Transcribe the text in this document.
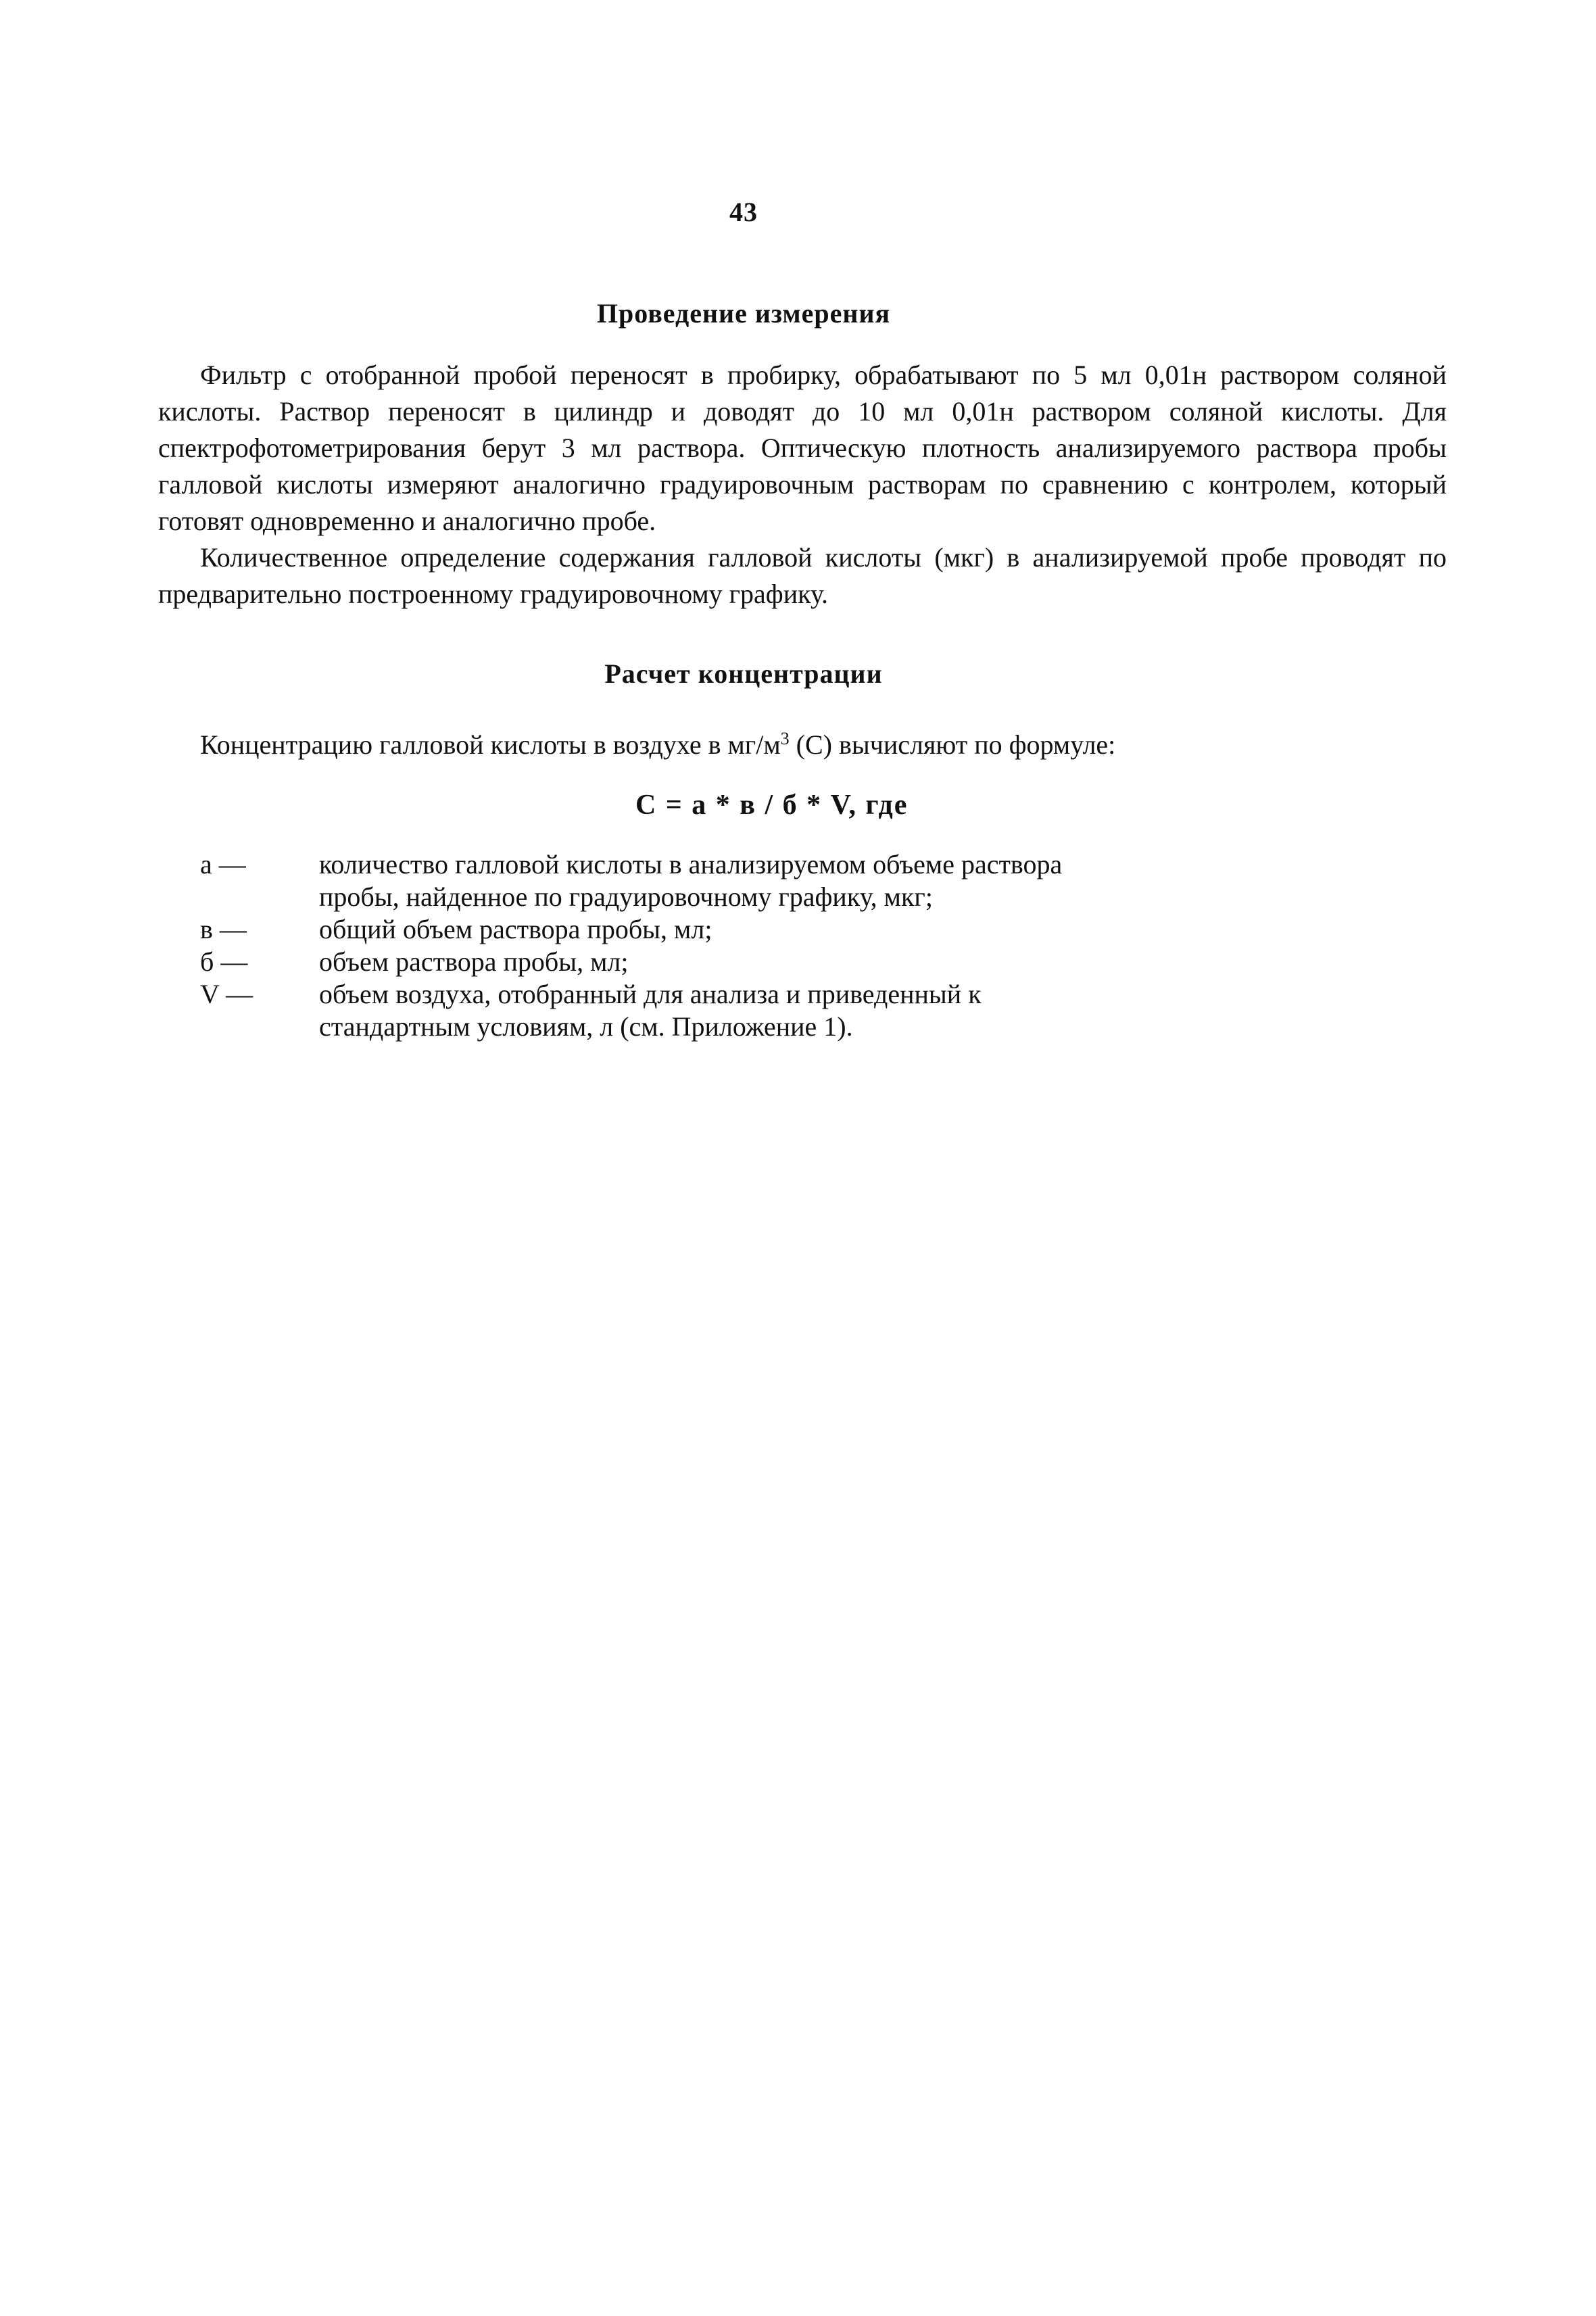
43
Проведение измерения

Фильтр с отобранной пробой переносят в пробирку, обрабатывают по 5 мл 0,01н раствором соляной кислоты. Раствор переносят в цилиндр и доводят до 10 мл 0,01н раствором соляной кислоты. Для спектрофотометрирования берут 3 мл раствора. Оптическую плотность анализируемого раствора пробы галловой кислоты измеряют аналогично градуировочным растворам по сравнению с контролем, который готовят одновременно и аналогично пробе.

Количественное определение содержания галловой кислоты (мкг) в анализируемой пробе проводят по предварительно построенному градуировочному графику.

Расчет концентрации
Концентрацию галловой кислоты в воздухе в $мг/м^3$ (С) вычисляют по формуле:
С = а * в / б * V, где
а —	количество галловой кислоты в анализируемом объеме раствора пробы, найденное по градуировочному графику, мкг;
в —	общий объем раствора пробы, мл;
б —	объем раствора пробы, мл;
V —	объем воздуха, отобранный для анализа и приведенный к стандартным условиям, л (см. Приложение 1).
